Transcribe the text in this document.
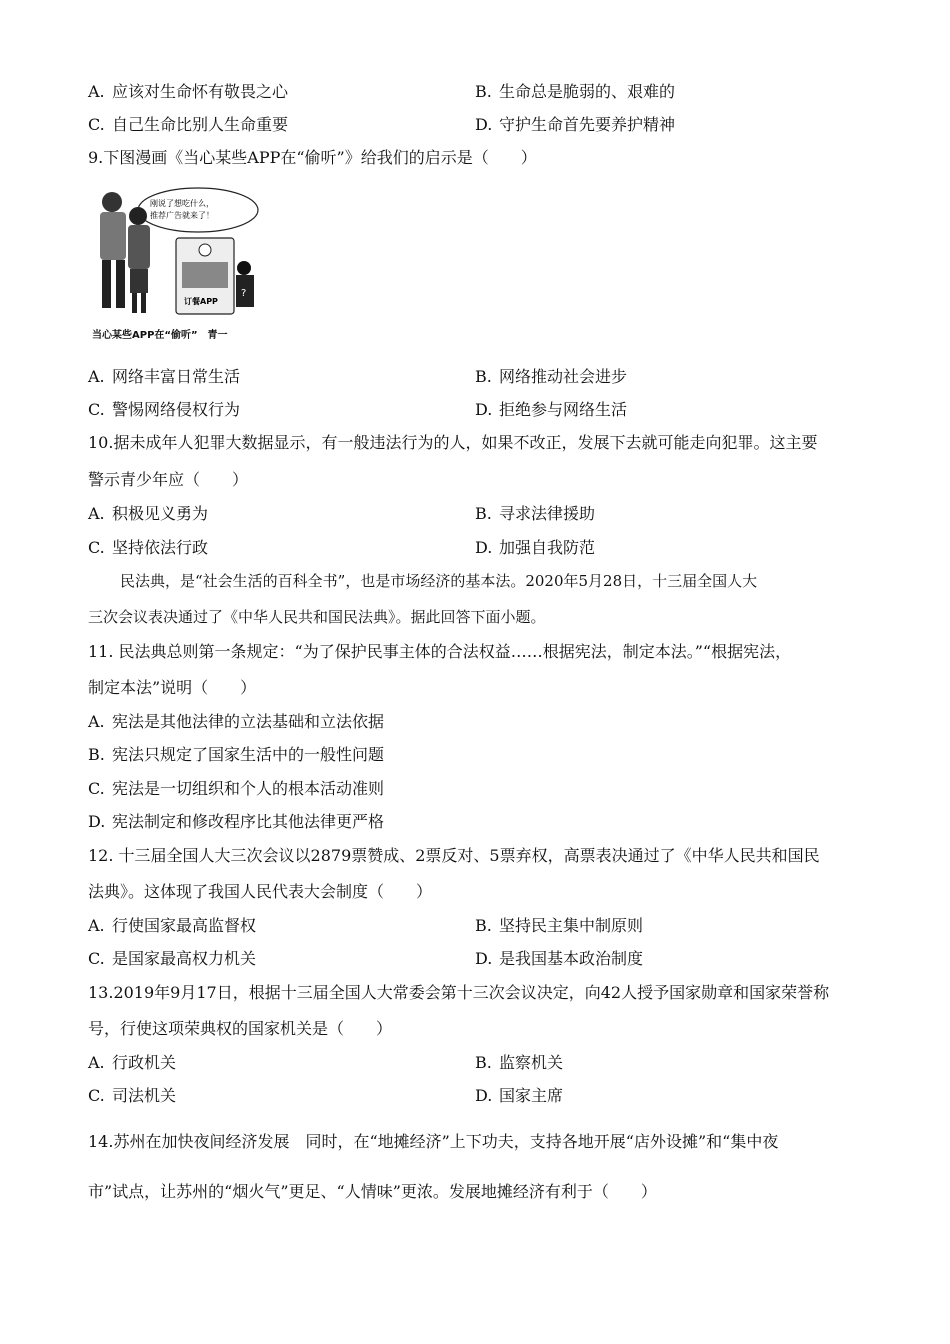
A. 应该对生命怀有敬畏之心	B. 生命总是脆弱的、艰难的
C. 自己生命比别人生命重要	D. 守护生命首先要养护精神
9.下图漫画《当心某些APP在“偷听”》给我们的启示是（　　）
刚说了想吃什么，
推荐广告就来了！
订餐APP
?
当心某些APP在“偷听”　青一
A. 网络丰富日常生活	B. 网络推动社会进步
C. 警惕网络侵权行为	D. 拒绝参与网络生活
10.据未成年人犯罪大数据显示，有一般违法行为的人，如果不改正，发展下去就可能走向犯罪。这主要
警示青少年应（　　）
A. 积极见义勇为	B. 寻求法律援助
C. 坚持依法行政	D. 加强自我防范
民法典，是“社会生活的百科全书”，也是市场经济的基本法。2020年5月28日，十三届全国人大
三次会议表决通过了《中华人民共和国民法典》。据此回答下面小题。
11. 民法典总则第一条规定：“为了保护民事主体的合法权益……根据宪法，制定本法。”“根据宪法，
制定本法”说明（　　）
A. 宪法是其他法律的立法基础和立法依据
B. 宪法只规定了国家生活中的一般性问题
C. 宪法是一切组织和个人的根本活动准则
D. 宪法制定和修改程序比其他法律更严格
12. 十三届全国人大三次会议以2879票赞成、2票反对、5票弃权，高票表决通过了《中华人民共和国民
法典》。这体现了我国人民代表大会制度（　　）
A. 行使国家最高监督权	B. 坚持民主集中制原则
C. 是国家最高权力机关	D. 是我国基本政治制度
13.2019年9月17日，根据十三届全国人大常委会第十三次会议决定，向42人授予国家勋章和国家荣誉称
号，行使这项荣典权的国家机关是（　　）
A. 行政机关	B. 监察机关
C. 司法机关	D. 国家主席
14.苏州在加快夜间经济发展　同时，在“地摊经济”上下功夫，支持各地开展“店外设摊”和“集中夜
市”试点，让苏州的“烟火气”更足、“人情味”更浓。发展地摊经济有利于（　　）
